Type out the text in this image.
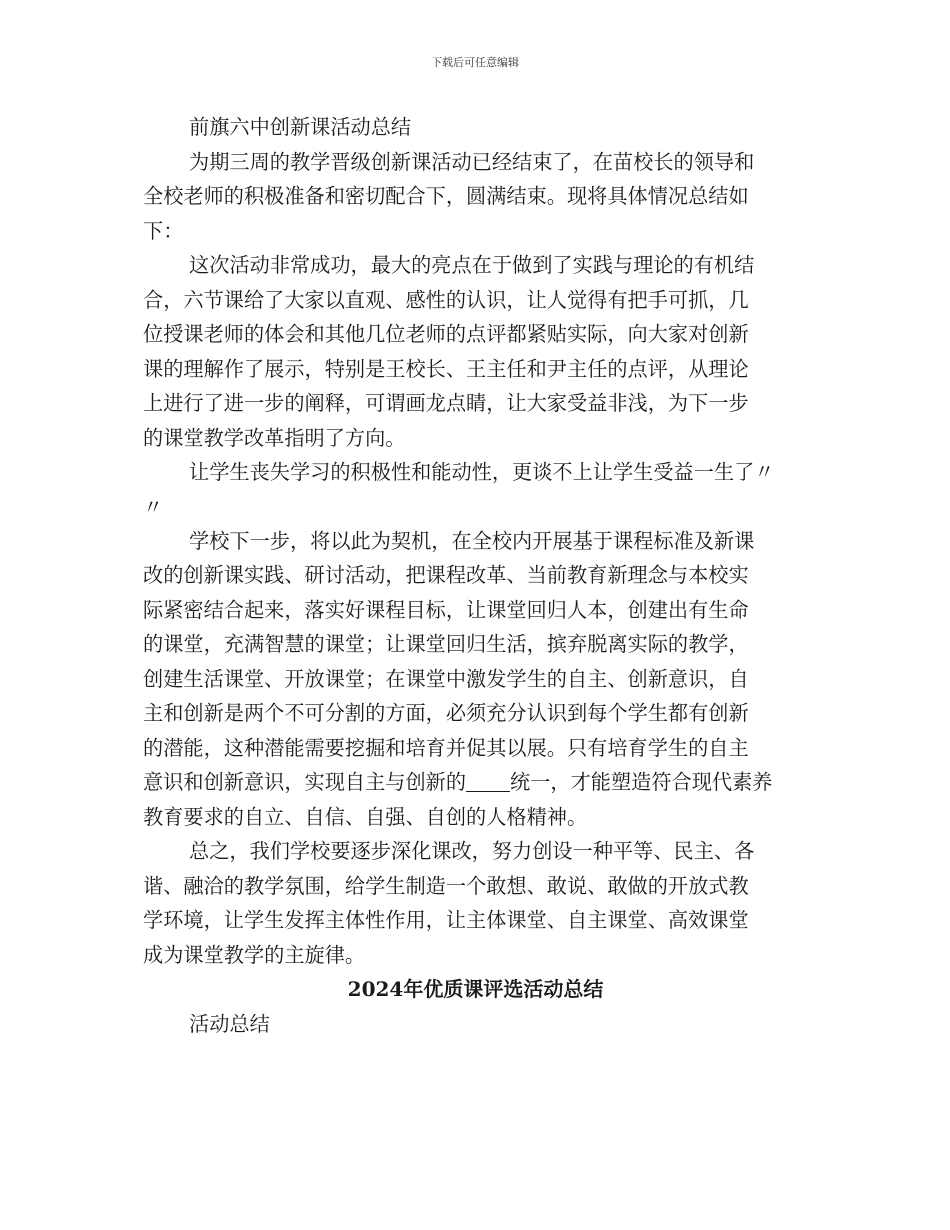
下载后可任意编辑
前旗六中创新课活动总结
为期三周的教学晋级创新课活动已经结束了，在苗校长的领导和
全校老师的积极准备和密切配合下，圆满结束。现将具体情况总结如
下：
这次活动非常成功，最大的亮点在于做到了实践与理论的有机结
合，六节课给了大家以直观、感性的认识，让人觉得有把手可抓，几
位授课老师的体会和其他几位老师的点评都紧贴实际，向大家对创新
课的理解作了展示，特别是王校长、王主任和尹主任的点评，从理论
上进行了进一步的阐释，可谓画龙点睛，让大家受益非浅，为下一步
的课堂教学改革指明了方向。
让学生丧失学习的积极性和能动性，更谈不上让学生受益一生了〃
〃
学校下一步，将以此为契机，在全校内开展基于课程标准及新课
改的创新课实践、研讨活动，把课程改革、当前教育新理念与本校实
际紧密结合起来，落实好课程目标，让课堂回归人本，创建出有生命
的课堂，充满智慧的课堂；让课堂回归生活，摈弃脱离实际的教学，
创建生活课堂、开放课堂；在课堂中激发学生的自主、创新意识，自
主和创新是两个不可分割的方面，必须充分认识到每个学生都有创新
的潜能，这种潜能需要挖掘和培育并促其以展。只有培育学生的自主
意识和创新意识，实现自主与创新的 统一，才能塑造符合现代素养
教育要求的自立、自信、自强、自创的人格精神。
总之，我们学校要逐步深化课改，努力创设一种平等、民主、各
谐、融洽的教学氛围，给学生制造一个敢想、敢说、敢做的开放式教
学环境，让学生发挥主体性作用，让主体课堂、自主课堂、高效课堂
成为课堂教学的主旋律。
2024年优质课评选活动总结
活动总结
